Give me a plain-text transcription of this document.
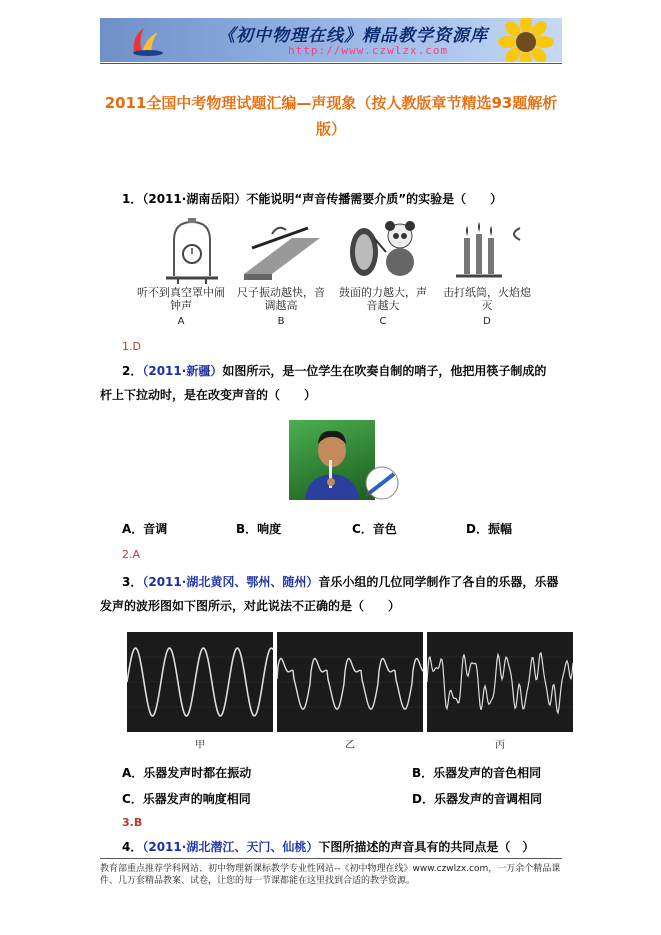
《初中物理在线》精品教学资源库
http://www.czwlzx.com
2011全国中考物理试题汇编—声现象（按人教版章节精选93题解析版）
1．（2011·湖南岳阳）不能说明“声音传播需要介质”的实验是（　　）
听不到真空罩中闹钟声
A
尺子振动越快，音调越高
B
鼓面的力越大，声音越大
C
击打纸筒，火焰熄灭
D
1.D
2．（2011·新疆）如图所示，是一位学生在吹奏自制的哨子，他把用筷子制成的　杆上下拉动时，是在改变声音的（　　）
A．音调	B．响度	C．音色	D．振幅
2.A
3．（2011·湖北黄冈、鄂州、随州）音乐小组的几位同学制作了各自的乐器，乐器发声的波形图如下图所示，对此说法不正确的是（　　）
甲	乙	丙
A．乐器发声时都在振动	B．乐器发声的音色相同
C．乐器发声的响度相同	D．乐器发声的音调相同
3.B
4．（2011·湖北潜江、天门、仙桃）下图所描述的声音具有的共同点是（　）
教育部重点推荐学科网站、初中物理新课标教学专业性网站--《初中物理在线》www.czwlzx.com，一万余个精品课件、几万套精品教案、试卷，让您的每一节课都能在这里找到合适的教学资源。
